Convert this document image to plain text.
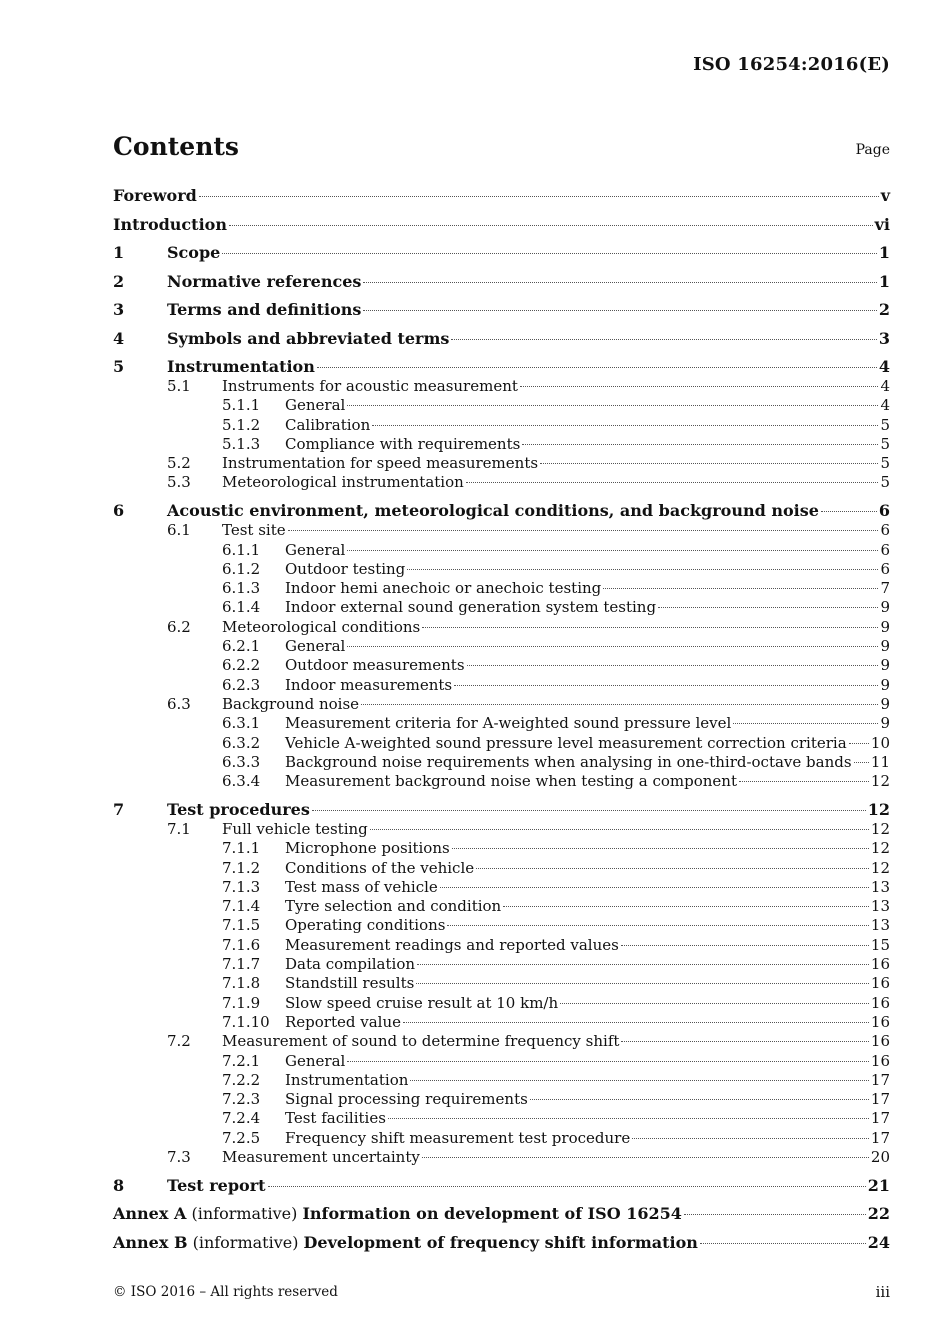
ISO 16254:2016(E)
Contents	Page
Foreword	v
Introduction	vi
1	Scope	1
2	Normative references	1
3	Terms and definitions	2
4	Symbols and abbreviated terms	3
5	Instrumentation	4
5.1 Instruments for acoustic measurement	4
5.1.1 General	4
5.1.2 Calibration	5
5.1.3 Compliance with requirements	5
5.2 Instrumentation for speed measurements	5
5.3 Meteorological instrumentation	5
6	Acoustic environment, meteorological conditions, and background noise	6
6.1 Test site	6
6.1.1 General	6
6.1.2 Outdoor testing	6
6.1.3 Indoor hemi anechoic or anechoic testing	7
6.1.4 Indoor external sound generation system testing	9
6.2 Meteorological conditions	9
6.2.1 General	9
6.2.2 Outdoor measurements	9
6.2.3 Indoor measurements	9
6.3 Background noise	9
6.3.1 Measurement criteria for A-weighted sound pressure level	9
6.3.2 Vehicle A-weighted sound pressure level measurement correction criteria 10
6.3.3 Background noise requirements when analysing in one-third-octave bands 11
6.3.4 Measurement background noise when testing a component	12
7	Test procedures	12
7.1 Full vehicle testing	12
7.1.1 Microphone positions	12
7.1.2 Conditions of the vehicle	12
7.1.3 Test mass of vehicle	13
7.1.4 Tyre selection and condition	13
7.1.5 Operating conditions	13
7.1.6 Measurement readings and reported values	15
7.1.7 Data compilation	16
7.1.8 Standstill results	16
7.1.9 Slow speed cruise result at 10 km/h	16
7.1.10 Reported value	16
7.2 Measurement of sound to determine frequency shift	16
7.2.1 General	16
7.2.2 Instrumentation	17
7.2.3 Signal processing requirements	17
7.2.4 Test facilities	17
7.2.5 Frequency shift measurement test procedure	17
7.3 Measurement uncertainty	20
8	Test report	21
Annex A (informative) Information on development of ISO 16254	22
Annex B (informative) Development of frequency shift information	24
© ISO 2016 – All rights reserved	iii
